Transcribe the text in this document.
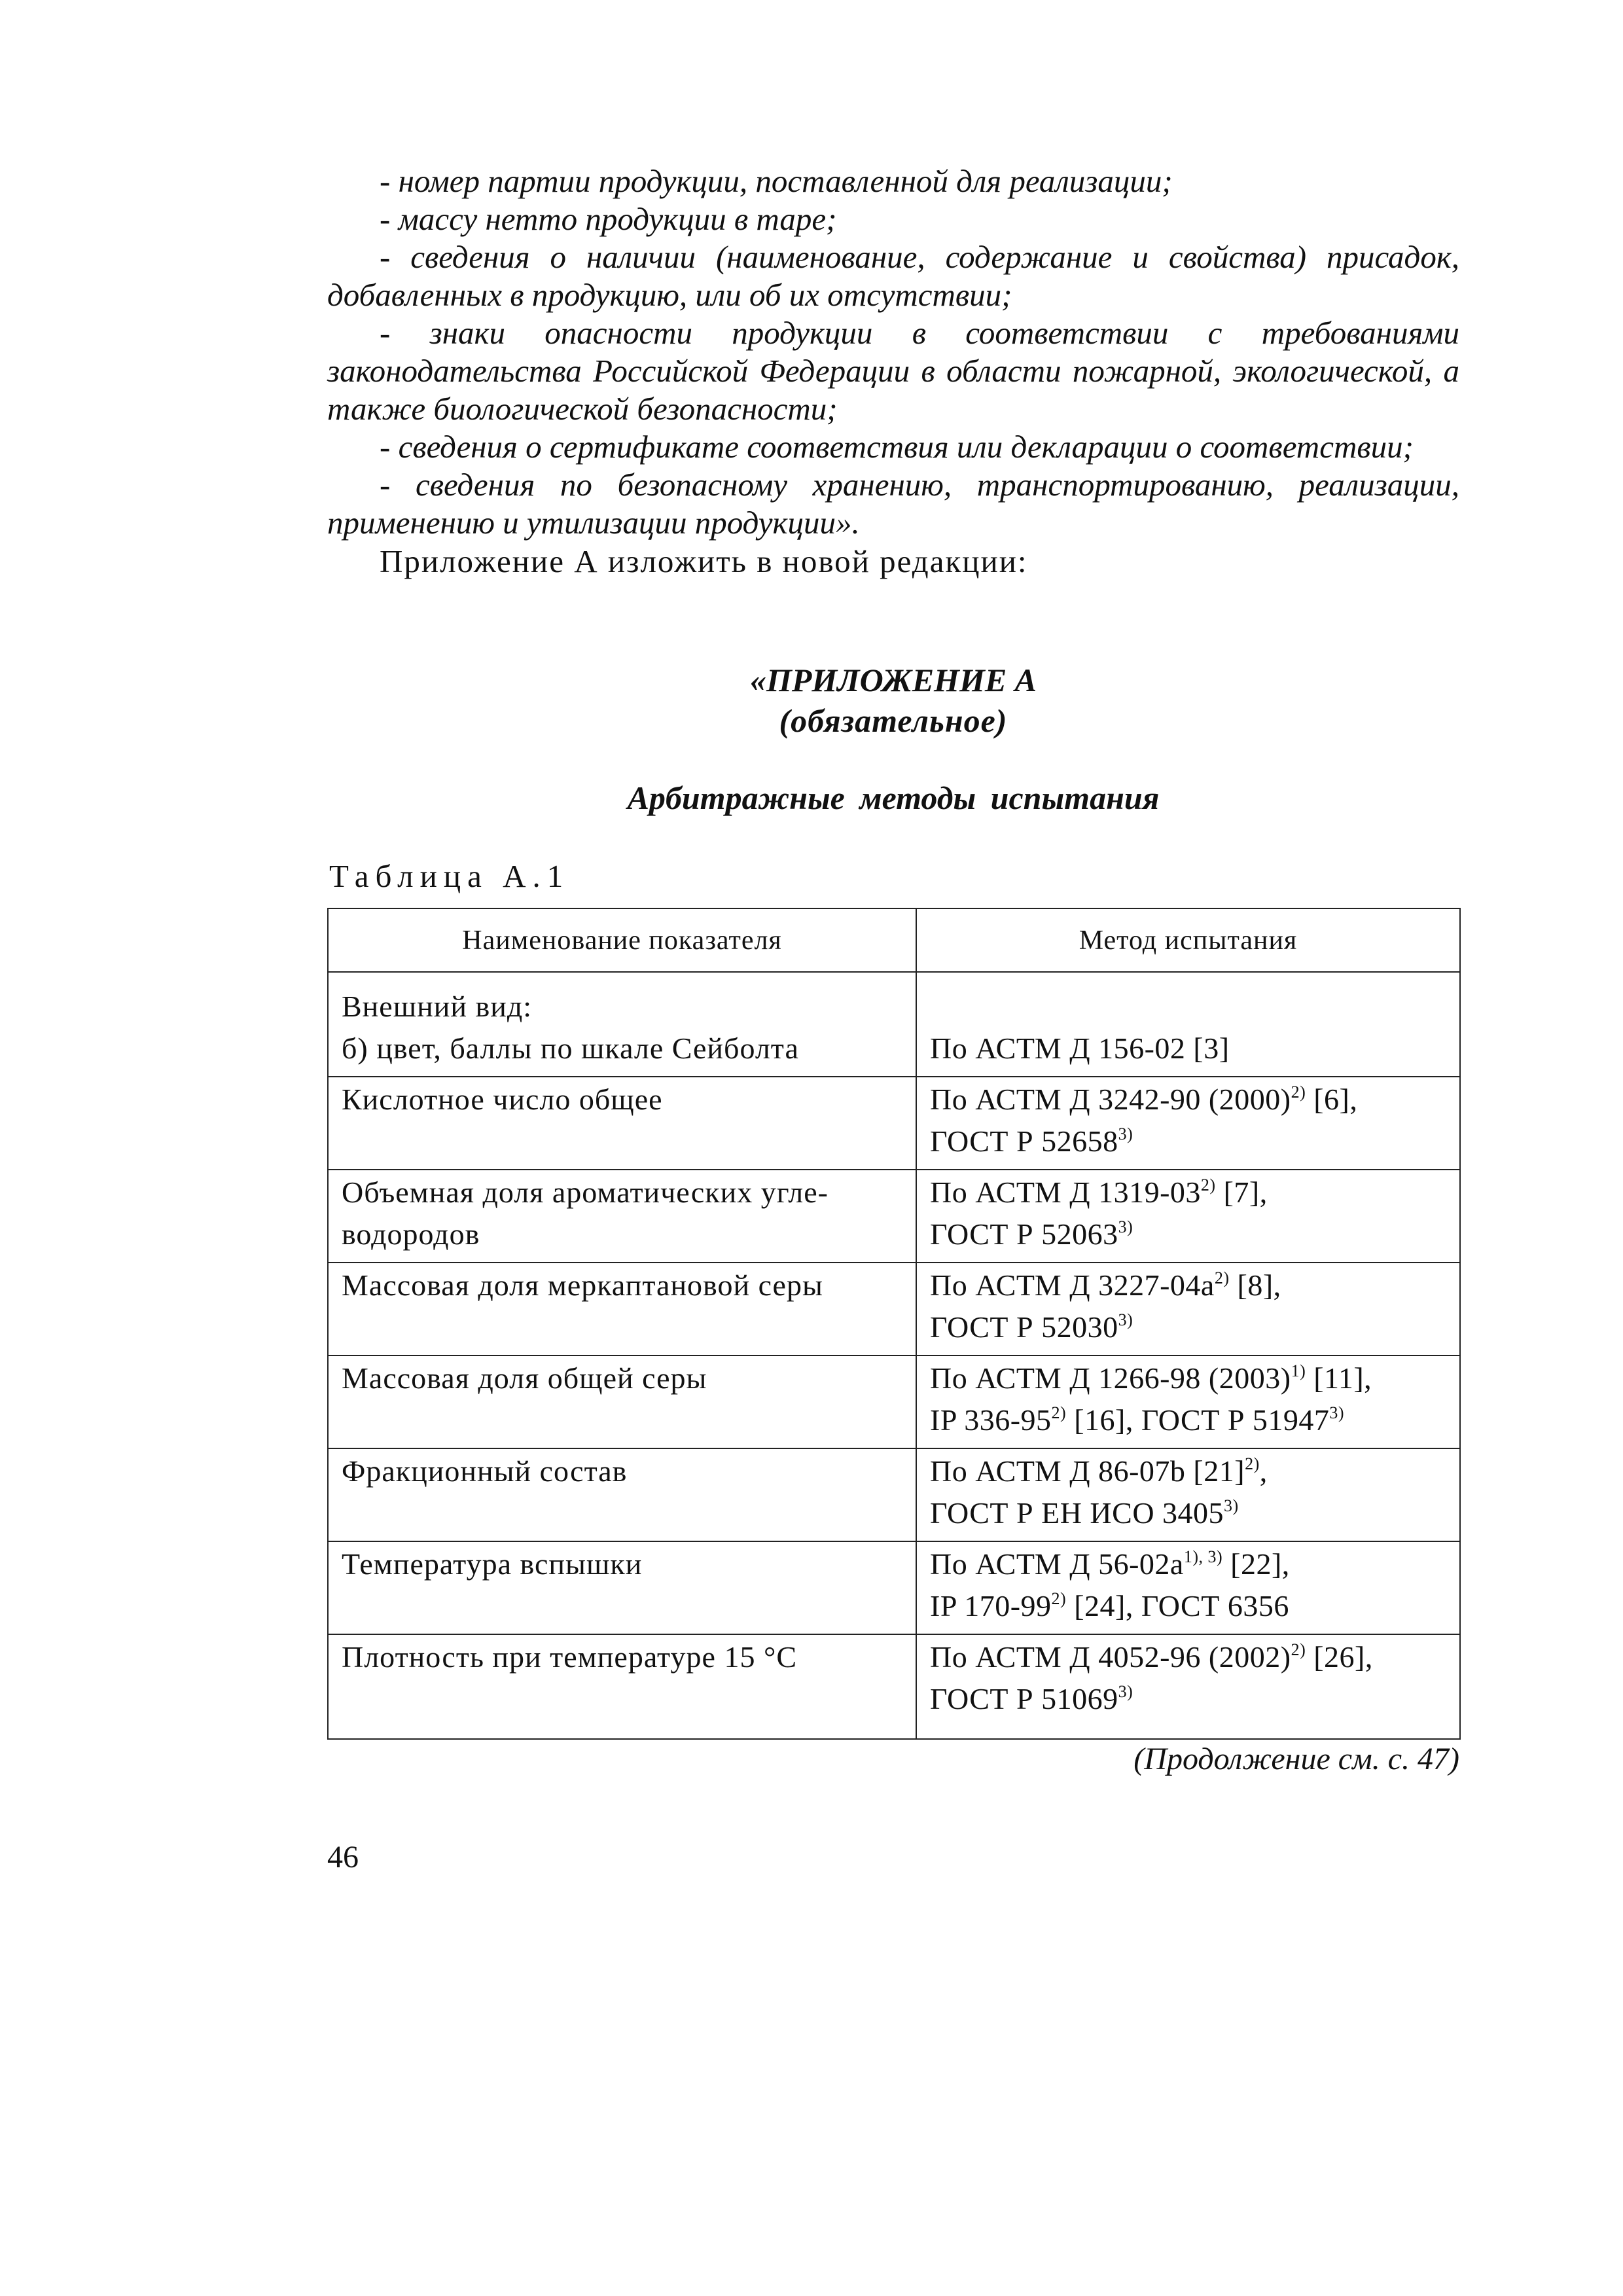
- номер партии продукции, поставленной для реализации;

- массу нетто продукции в таре;

- сведения о наличии (наименование, содержание и свойства) присадок, добавленных в продукцию, или об их отсутствии;

- знаки опасности продукции в соответствии с требованиями законодательства Российской Федерации в области пожарной, экологической, а также биологической безопасности;

- сведения о сертификате соответствия или декларации о соответствии;

- сведения по безопасному хранению, транспортированию, реализации, применению и утилизации продукции».

Приложение А изложить в новой редакции:

«ПРИЛОЖЕНИЕ А
(обязательное)
Арбитражные методы испытания
Таблица А.1
Наименование показателя	Метод испытания

Внешний вид:
б) цвет, баллы по шкале Сейболта	По АСТМ Д 156-02 [3]

Кислотное число общее	По АСТМ Д 3242-90 $(2000)^{2)}$ [6],
ГОСТ Р 52658$^{3)}$

Объемная доля ароматических угле-
водородов	По АСТМ Д 1319-03$^{2)}$ [7],
ГОСТ Р 52063$^{3)}$

Массовая доля меркаптановой серы	По АСТМ Д $3227-04а^{2)}$ [8],
ГОСТ Р 52030$^{3)}$

Массовая доля общей серы	По АСТМ Д 1266-98 $(2003)^{1)}$ [11],
IP 336-95$^{2)}$ [16], ГОСТ Р 51947$^{3)}$

Фракционный состав	По АСТМ Д 86-07b $[21]^{2)}$,
ГОСТ Р ЕН ИСО 3405$^{3)}$

Температура вспышки	По АСТМ Д $56-02а^{1), 3)}$ [22],
IP 170-99$^{2)}$ [24], ГОСТ 6356

Плотность при температуре 15 °С	По АСТМ Д 4052-96 $(2002)^{2)}$ [26],
ГОСТ Р 51069$^{3)}$
(Продолжение см. с. 47)
46
